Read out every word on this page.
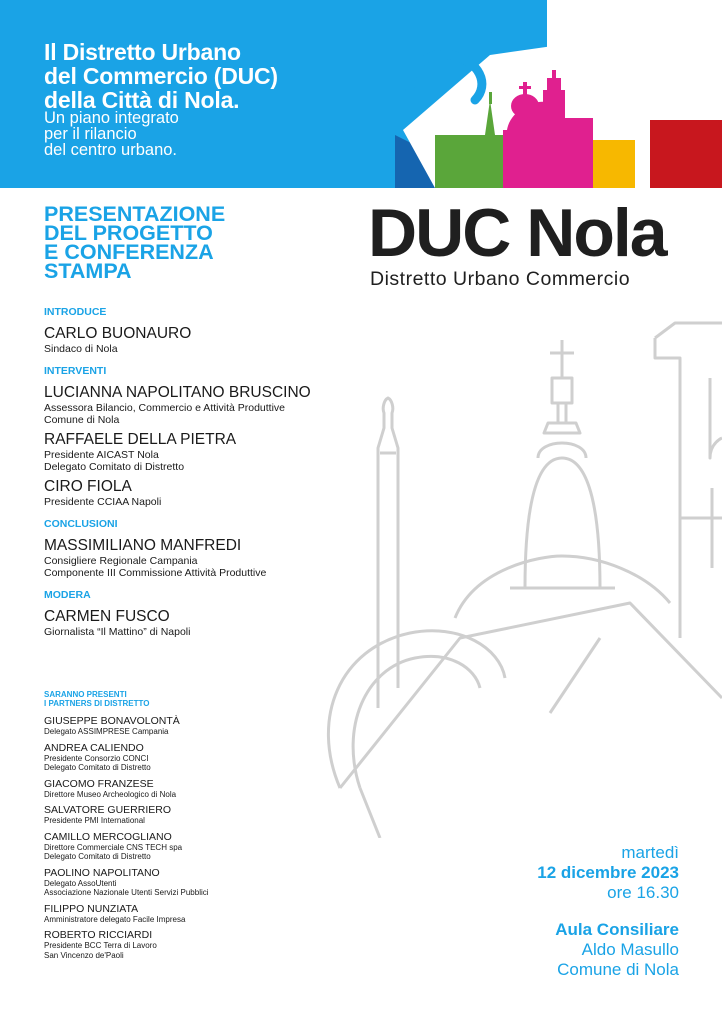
Il Distretto Urbano
del Commercio (DUC)
della Città di Nola.

Un piano integrato
per il rilancio
del centro urbano.

PRESENTAZIONE
DEL PROGETTO
E CONFERENZA
STAMPA	DUC Nola
Distretto Urbano Commercio

INTRODUCE

CARLO BUONAURO

Sindaco di Nola

INTERVENTI

LUCIANNA NAPOLITANO BRUSCINO

Assessora Bilancio, Commercio e Attività Produttive
Comune di Nola

RAFFAELE DELLA PIETRA

Presidente AICAST Nola
Delegato Comitato di Distretto

CIRO FIOLA

Presidente CCIAA Napoli

CONCLUSIONI

MASSIMILIANO MANFREDI

Consigliere Regionale Campania
Componente III Commissione Attività Produttive

MODERA

CARMEN FUSCO

Giornalista “Il Mattino” di Napoli

SARANNO PRESENTI
I PARTNERS DI DISTRETTO

GIUSEPPE BONAVOLONTÀ

Delegato ASSIMPRESE Campania

ANDREA CALIENDO

Presidente Consorzio CONCI
Delegato Comitato di Distretto

GIACOMO FRANZESE

Direttore Museo Archeologico di Nola

SALVATORE GUERRIERO

Presidente PMI International

CAMILLO MERCOGLIANO

Direttore Commerciale CNS TECH spa
Delegato Comitato di Distretto

PAOLINO NAPOLITANO

Delegato AssoUtenti
Associazione Nazionale Utenti Servizi Pubblici

FILIPPO NUNZIATA

Amministratore delegato Facile Impresa

ROBERTO RICCIARDI

Presidente BCC Terra di Lavoro
San Vincenzo de'Paoli

martedì
12 dicembre 2023
ore 16.30

Aula Consiliare
Aldo Masullo
Comune di Nola
